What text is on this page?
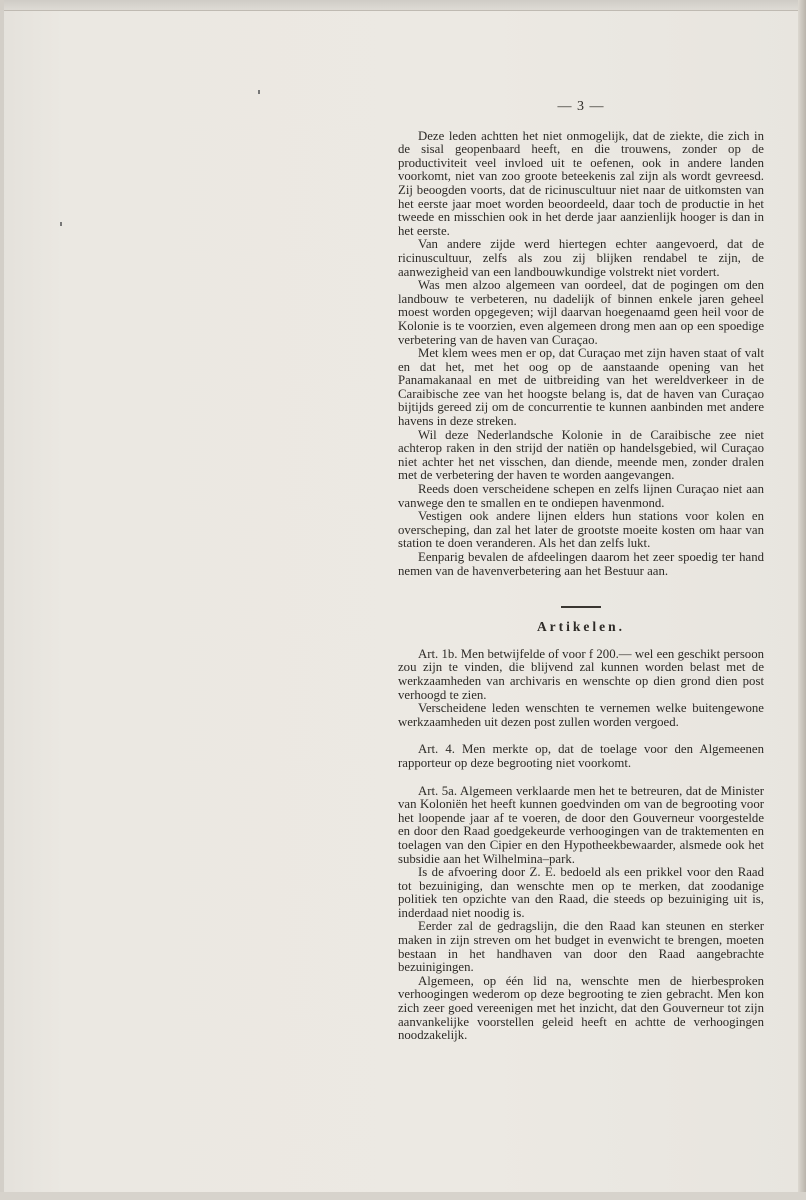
— 3 —

Deze leden achtten het niet onmogelijk, dat de ziekte, die zich in de sisal geopenbaard heeft, en die trouwens, zonder op de productiviteit veel invloed uit te oefenen, ook in andere landen voorkomt, niet van zoo groote beteekenis zal zijn als wordt gevreesd. Zij beoogden voorts, dat de ricinuscultuur niet naar de uitkomsten van het eerste jaar moet worden beoordeeld, daar toch de productie in het tweede en misschien ook in het derde jaar aanzienlijk hooger is dan in het eerste.

Van andere zijde werd hiertegen echter aangevoerd, dat de ricinuscultuur, zelfs als zou zij blijken rendabel te zijn, de aanwezigheid van een landbouwkundige volstrekt niet vordert.

Was men alzoo algemeen van oordeel, dat de pogingen om den landbouw te verbeteren, nu dadelijk of binnen enkele jaren geheel moest worden opgegeven; wijl daarvan hoegenaamd geen heil voor de Kolonie is te voorzien, even algemeen drong men aan op een spoedige verbetering van de haven van Curaçao.

Met klem wees men er op, dat Curaçao met zijn haven staat of valt en dat het, met het oog op de aanstaande opening van het Panamakanaal en met de uitbreiding van het wereldverkeer in de Caraibische zee van het hoogste belang is, dat de haven van Curaçao bijtijds gereed zij om de concurrentie te kunnen aanbinden met andere havens in deze streken.

Wil deze Nederlandsche Kolonie in de Caraibische zee niet achterop raken in den strijd der natiën op handelsgebied, wil Curaçao niet achter het net visschen, dan diende, meende men, zonder dralen met de verbetering der haven te worden aangevangen.

Reeds doen verscheidene schepen en zelfs lijnen Curaçao niet aan vanwege den te smallen en te ondiepen havenmond.

Vestigen ook andere lijnen elders hun stations voor kolen en overscheping, dan zal het later de grootste moeite kosten om haar van station te doen veranderen. Als het dan zelfs lukt.

Eenparig bevalen de afdeelingen daarom het zeer spoedig ter hand nemen van de havenverbetering aan het Bestuur aan.

Artikelen.

Art. 1b. Men betwijfelde of voor f 200.— wel een geschikt persoon zou zijn te vinden, die blijvend zal kunnen worden belast met de werkzaamheden van archivaris en wenschte op dien grond dien post verhoogd te zien.

Verscheidene leden wenschten te vernemen welke buitengewone werkzaamheden uit dezen post zullen worden vergoed.

Art. 4. Men merkte op, dat de toelage voor den Algemeenen rapporteur op deze begrooting niet voorkomt.

Art. 5a. Algemeen verklaarde men het te betreuren, dat de Minister van Koloniën het heeft kunnen goedvinden om van de begrooting voor het loopende jaar af te voeren, de door den Gouverneur voorgestelde en door den Raad goedgekeurde verhoogingen van de traktementen en toelagen van den Cipier en den Hypotheekbewaarder, alsmede ook het subsidie aan het Wilhelmina–park.

Is de afvoering door Z. E. bedoeld als een prikkel voor den Raad tot bezuiniging, dan wenschte men op te merken, dat zoodanige politiek ten opzichte van den Raad, die steeds op bezuiniging uit is, inderdaad niet noodig is.

Eerder zal de gedragslijn, die den Raad kan steunen en sterker maken in zijn streven om het budget in evenwicht te brengen, moeten bestaan in het handhaven van door den Raad aangebrachte bezuinigingen.

Algemeen, op één lid na, wenschte men de hierbesproken verhoogingen wederom op deze begrooting te zien gebracht. Men kon zich zeer goed vereenigen met het inzicht, dat den Gouverneur tot zijn aanvankelijke voorstellen geleid heeft en achtte de verhoogingen noodzakelijk.
